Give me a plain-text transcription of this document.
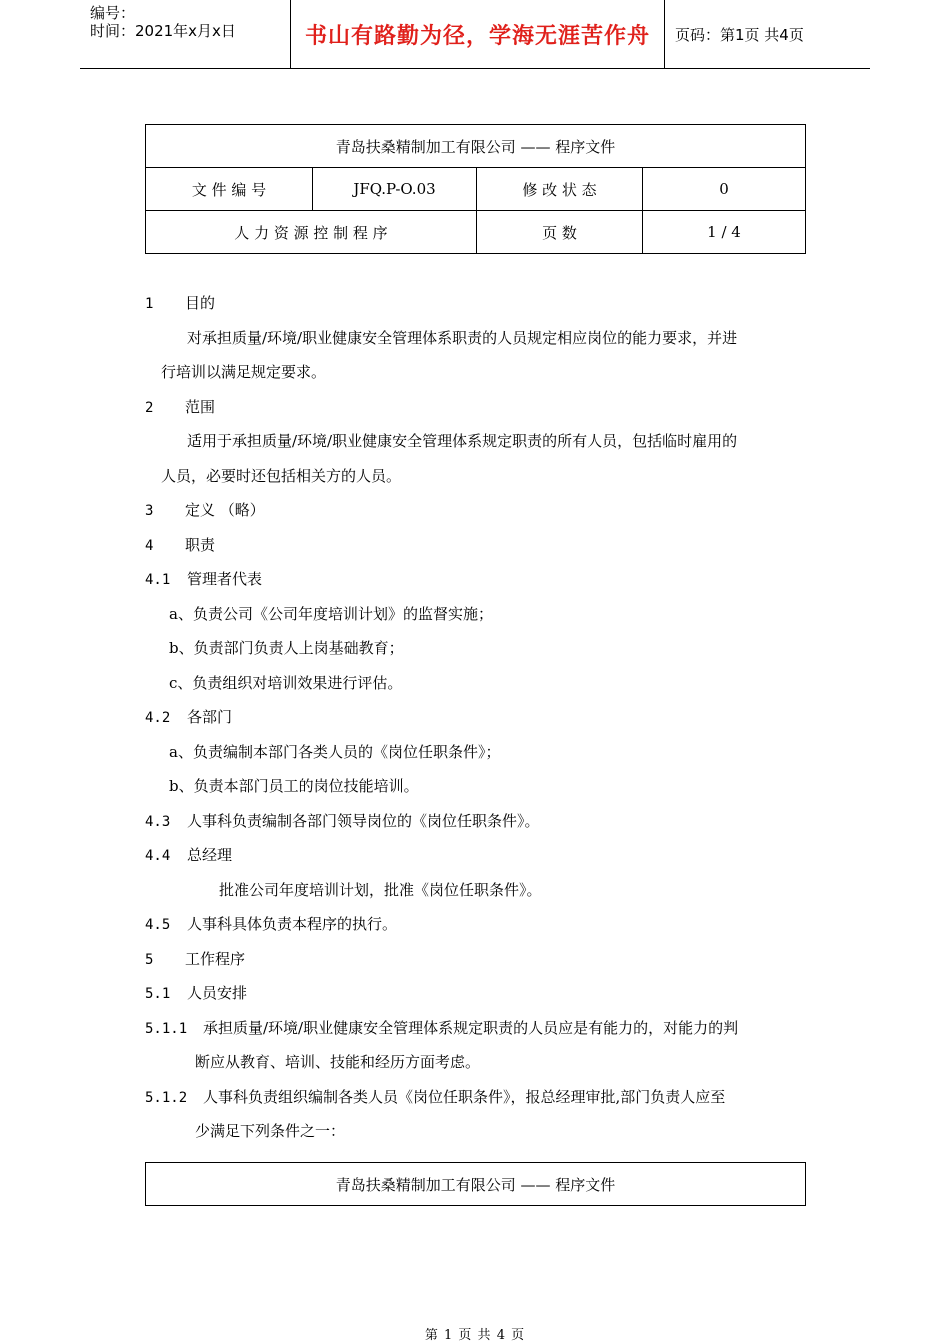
编号：
时间：2021年x月x日	书山有路勤为径，学海无涯苦作舟	页码：第1页 共4页
青岛扶桑精制加工有限公司 —— 程序文件			
文 件 编 号	JFQ.P-O.03	修 改 状 态	0
人 力 资 源 控 制 程 序		页 数	1 / 4
1 目的
对承担质量/环境/职业健康安全管理体系职责的人员规定相应岗位的能力要求，并进
行培训以满足规定要求。
2 范围
适用于承担质量/环境/职业健康安全管理体系规定职责的所有人员，包括临时雇用的
人员，必要时还包括相关方的人员。
3 定义 （略）
4 职责
4.1 管理者代表
a、负责公司《公司年度培训计划》的监督实施；
b、负责部门负责人上岗基础教育；
c、负责组织对培训效果进行评估。
4.2 各部门
a、负责编制本部门各类人员的《岗位任职条件》；
b、负责本部门员工的岗位技能培训。
4.3 人事科负责编制各部门领导岗位的《岗位任职条件》。
4.4 总经理
批准公司年度培训计划，批准《岗位任职条件》。
4.5 人事科具体负责本程序的执行。
5 工作程序
5.1 人员安排
5.1.1 承担质量/环境/职业健康安全管理体系规定职责的人员应是有能力的，对能力的判
断应从教育、培训、技能和经历方面考虑。
5.1.2 人事科负责组织编制各类人员《岗位任职条件》，报总经理审批,部门负责人应至
少满足下列条件之一：
青岛扶桑精制加工有限公司 —— 程序文件
第 1 页 共 4 页
